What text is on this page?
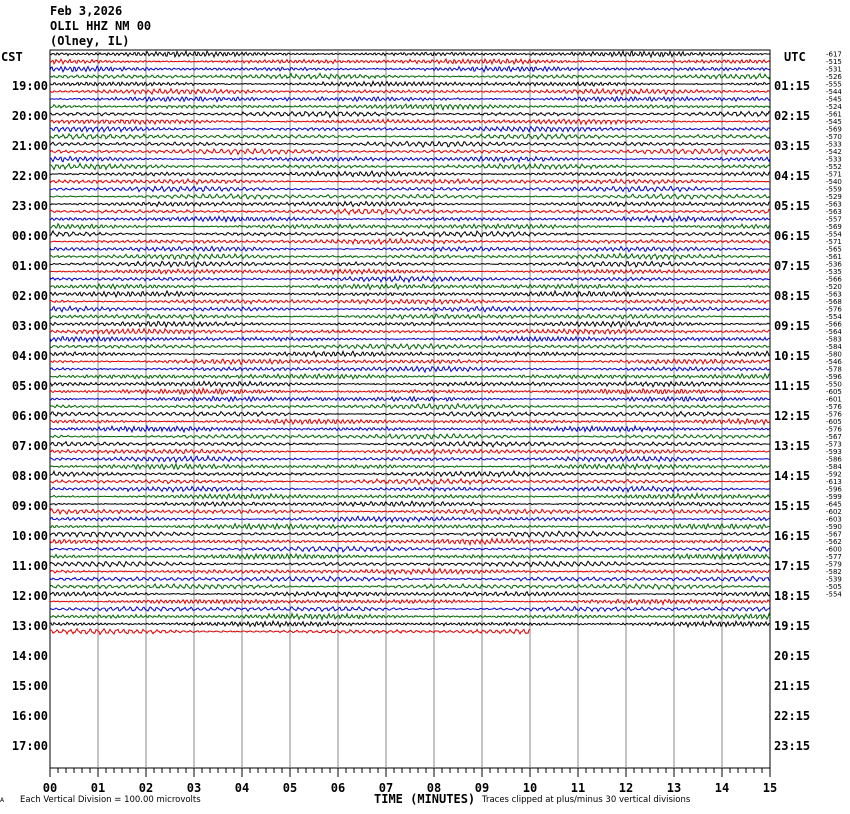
Feb 3,2026
OLIL HHZ NM 00
(Olney, IL)
CST	UTC
00	01	02	03	04	05	06	07	08	09	10	11	12	13	14	15
19:00
20:00
21:00
22:00
23:00
00:00
01:00
02:00
03:00
04:00
05:00
06:00
07:00
08:00
09:00
10:00
11:00
12:00
13:00
14:00
15:00
16:00
17:00
01:15
02:15
03:15
04:15
05:15
06:15
07:15
08:15
09:15
10:15
11:15
12:15
13:15
14:15
15:15
16:15
17:15
18:15
19:15
20:15
21:15
22:15
23:15
-617
-515
-531
-526
-555
-544
-545
-524
-561
-545
-569
-570
-533
-542
-533
-552
-571
-540
-559
-529
-563
-563
-557
-569
-554
-571
-565
-561
-536
-535
-566
-520
-563
-568
-576
-554
-566
-564
-583
-584
-580
-546
-578
-596
-550
-605
-601
-576
-576
-605
-576
-567
-573
-593
-586
-584
-592
-613
-596
-599
-645
-602
-603
-590
-567
-562
-600
-577
-579
-582
-539
-505
-554
A Each Vertical Division = 100.00 microvolts	TIME (MINUTES) Traces clipped at plus/minus 30 vertical divisions
